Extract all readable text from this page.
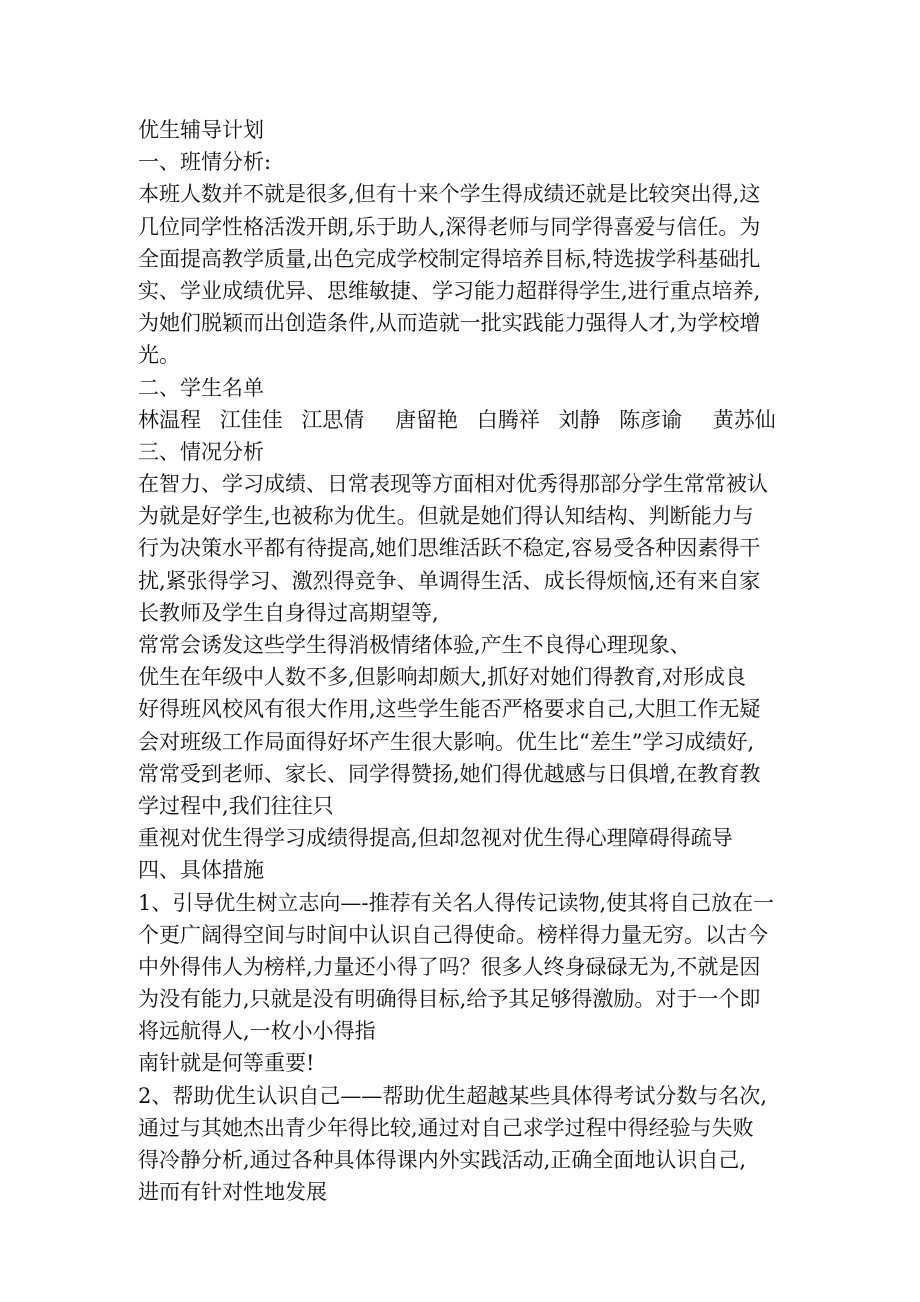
优生辅导计划
一、班情分析:
本班人数并不就是很多,但有十来个学生得成绩还就是比较突出得,这
几位同学性格活泼开朗,乐于助人,深得老师与同学得喜爱与信任。为
全面提高教学质量,出色完成学校制定得培养目标,特选拔学科基础扎
实、学业成绩优异、思维敏捷、学习能力超群得学生,进行重点培养,
为她们脱颖而出创造条件,从而造就一批实践能力强得人才,为学校增
光。
二、学生名单
林温程 江佳佳 江思倩 唐留艳 白腾祥 刘静 陈彦谕 黄苏仙
三、情况分析
在智力、学习成绩、日常表现等方面相对优秀得那部分学生常常被认
为就是好学生,也被称为优生。但就是她们得认知结构、判断能力与
行为决策水平都有待提高,她们思维活跃不稳定,容易受各种因素得干
扰,紧张得学习、激烈得竞争、单调得生活、成长得烦恼,还有来自家
长教师及学生自身得过高期望等,
常常会诱发这些学生得消极情绪体验,产生不良得心理现象、
优生在年级中人数不多,但影响却颇大,抓好对她们得教育,对形成良
好得班风校风有很大作用,这些学生能否严格要求自己,大胆工作无疑
会对班级工作局面得好坏产生很大影响。优生比“差生”学习成绩好,
常常受到老师、家长、同学得赞扬,她们得优越感与日俱增,在教育教
学过程中,我们往往只
重视对优生得学习成绩得提高,但却忽视对优生得心理障碍得疏导
四、具体措施
1、引导优生树立志向—-推荐有关名人得传记读物,使其将自己放在一
个更广阔得空间与时间中认识自己得使命。榜样得力量无穷。以古今
中外得伟人为榜样,力量还小得了吗？很多人终身碌碌无为,不就是因
为没有能力,只就是没有明确得目标,给予其足够得激励。对于一个即
将远航得人,一枚小小得指
南针就是何等重要!
2、帮助优生认识自己——帮助优生超越某些具体得考试分数与名次,
通过与其她杰出青少年得比较,通过对自己求学过程中得经验与失败
得冷静分析,通过各种具体得课内外实践活动,正确全面地认识自己,
进而有针对性地发展
